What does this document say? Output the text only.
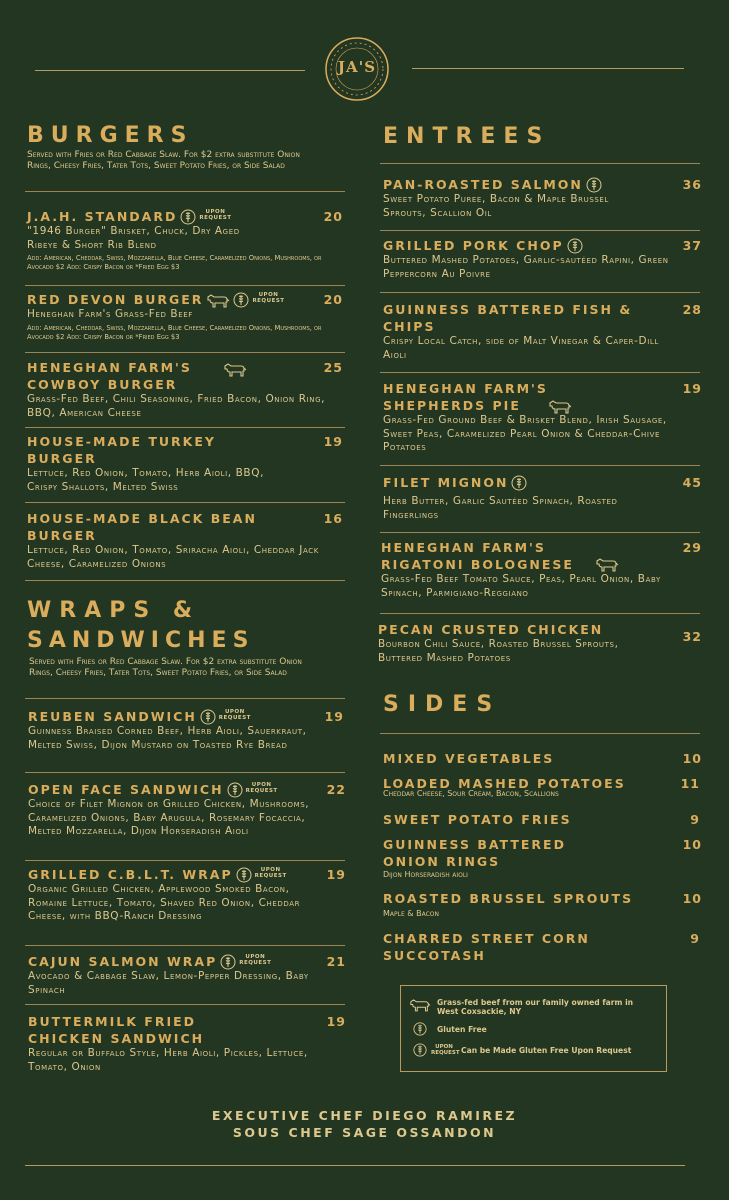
JA'S
BURGERS
Served with Fries or Red Cabbage Slaw. For $2 extra substitute Onion Rings, Cheesy Fries, Tater Tots, Sweet Potato Fries, or Side Salad
J.A.H. STANDARD	UPON
REQUEST	20
"1946 Burger" Brisket, Chuck, Dry Aged Ribeye & Short Rib Blend
Add: American, Cheddar, Swiss, Mozzarella, Blue Cheese, Caramelized Onions, Mushrooms, or Avocado $2 Add: Crispy Bacon or *Fried Egg $3
RED DEVON BURGER	UPON
REQUEST	20
Heneghan Farm's Grass-Fed Beef
Add: American, Cheddar, Swiss, Mozzarella, Blue Cheese, Caramelized Onions, Mushrooms, or Avocado $2 Add: Crispy Bacon or *Fried Egg $3
HENEGHAN FARM'S COWBOY BURGER
25
Grass-Fed Beef, Chili Seasoning, Fried Bacon, Onion Ring, BBQ, American Cheese
HOUSE-MADE TURKEY BURGER
19
Lettuce, Red Onion, Tomato, Herb Aioli, BBQ, Crispy Shallots, Melted Swiss
HOUSE-MADE BLACK BEAN BURGER
16
Lettuce, Red Onion, Tomato, Sriracha Aioli, Cheddar Jack Cheese, Caramelized Onions
WRAPS &
SANDWICHES
Served with Fries or Red Cabbage Slaw. For $2 extra substitute Onion Rings, Cheesy Fries, Tater Tots, Sweet Potato Fries, or Side Salad
REUBEN SANDWICH	UPON
REQUEST	19
Guinness Braised Corned Beef, Herb Aioli, Sauerkraut, Melted Swiss, Dijon Mustard on Toasted Rye Bread
OPEN FACE SANDWICH	UPON
REQUEST	22
Choice of Filet Mignon or Grilled Chicken, Mushrooms, Caramelized Onions, Baby Arugula, Rosemary Focaccia, Melted Mozzarella, Dijon Horseradish Aioli
GRILLED C.B.L.T. WRAP	UPON
REQUEST	19
Organic Grilled Chicken, Applewood Smoked Bacon, Romaine Lettuce, Tomato, Shaved Red Onion, Cheddar Cheese, with BBQ-Ranch Dressing
CAJUN SALMON WRAP	UPON
REQUEST	21
Avocado & Cabbage Slaw, Lemon-Pepper Dressing, Baby Spinach
BUTTERMILK FRIED CHICKEN SANDWICH
19
Regular or Buffalo Style, Herb Aioli, Pickles, Lettuce, Tomato, Onion
ENTREES
PAN-ROASTED SALMON	36
Sweet Potato Puree, Bacon & Maple Brussel Sprouts, Scallion Oil
GRILLED PORK CHOP	37
Buttered Mashed Potatoes, Garlic-sautéed Rapini, Green Peppercorn Au Poivre
GUINNESS BATTERED FISH & CHIPS
28
Crispy Local Catch, side of Malt Vinegar & Caper-Dill Aioli
HENEGHAN FARM'S SHEPHERDS PIE
19
Grass-Fed Ground Beef & Brisket Blend, Irish Sausage, Sweet Peas, Caramelized Pearl Onion & Cheddar-Chive Potatoes
FILET MIGNON	45
Herb Butter, Garlic Sautéed Spinach, Roasted Fingerlings
HENEGHAN FARM'S RIGATONI BOLOGNESE
29
Grass-Fed Beef Tomato Sauce, Peas, Pearl Onion, Baby Spinach, Parmigiano-Reggiano
PECAN CRUSTED CHICKEN	32
Bourbon Chili Sauce, Roasted Brussel Sprouts, Buttered Mashed Potatoes
SIDES
MIXED VEGETABLES	10
LOADED MASHED POTATOES	11
Cheddar Cheese, Sour Cream, Bacon, Scallions
SWEET POTATO FRIES	9
GUINNESS BATTERED ONION RINGS
10
Dijon Horseradish aioli
ROASTED BRUSSEL SPROUTS	10
Maple & Bacon
CHARRED STREET CORN SUCCOTASH
9
Grass-fed beef from our family owned farm in West Coxsackie, NY
Gluten Free
UPON REQUEST Can be Made Gluten Free Upon Request
EXECUTIVE CHEF DIEGO RAMIREZ
SOUS CHEF SAGE OSSANDON
